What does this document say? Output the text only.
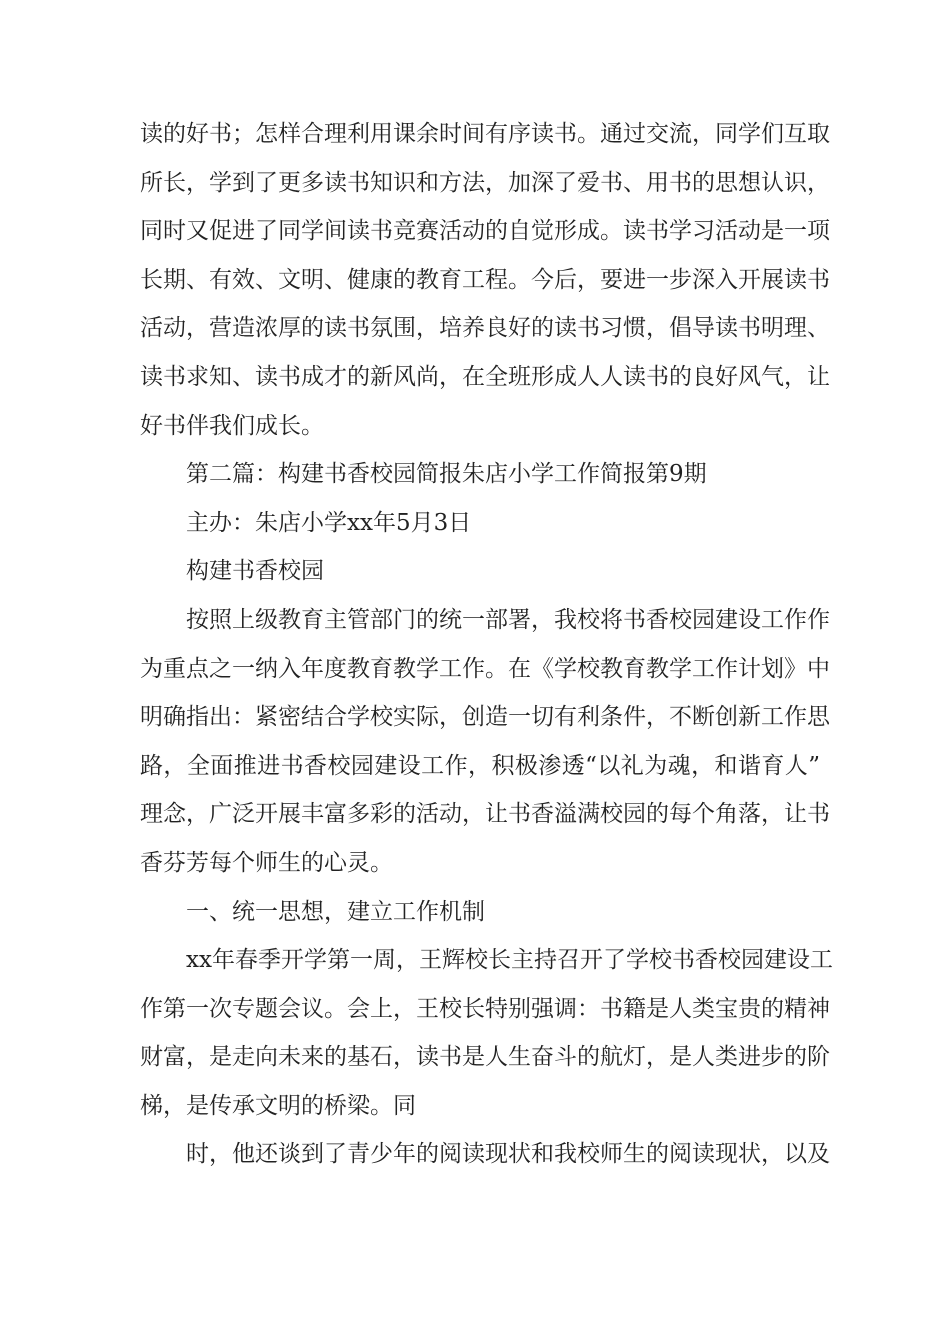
读的好书；怎样合理利用课余时间有序读书。通过交流，同学们互取
所长，学到了更多读书知识和方法，加深了爱书、用书的思想认识，
同时又促进了同学间读书竞赛活动的自觉形成。读书学习活动是一项
长期、有效、文明、健康的教育工程。今后，要进一步深入开展读书
活动，营造浓厚的读书氛围，培养良好的读书习惯，倡导读书明理、
读书求知、读书成才的新风尚，在全班形成人人读书的良好风气，让
好书伴我们成长。
第二篇：构建书香校园简报朱店小学工作简报第9期
主办：朱店小学xx年5月3日
构建书香校园
按照上级教育主管部门的统一部署，我校将书香校园建设工作作
为重点之一纳入年度教育教学工作。在《学校教育教学工作计划》中
明确指出：紧密结合学校实际，创造一切有利条件，不断创新工作思
路，全面推进书香校园建设工作，积极渗透“以礼为魂，和谐育人”
理念，广泛开展丰富多彩的活动，让书香溢满校园的每个角落，让书
香芬芳每个师生的心灵。
一、统一思想，建立工作机制
xx年春季开学第一周，王辉校长主持召开了学校书香校园建设工
作第一次专题会议。会上，王校长特别强调：书籍是人类宝贵的精神
财富，是走向未来的基石，读书是人生奋斗的航灯，是人类进步的阶
梯，是传承文明的桥梁。同
时，他还谈到了青少年的阅读现状和我校师生的阅读现状，以及
